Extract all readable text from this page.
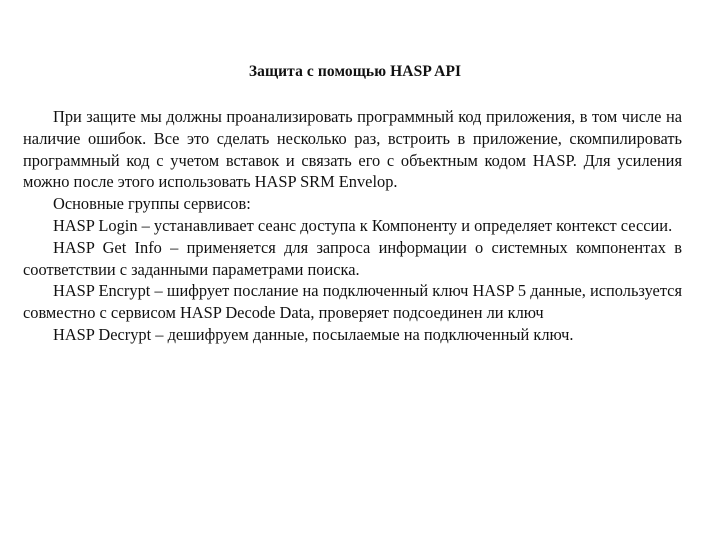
Защита с помощью HASP API

При защите мы должны проанализировать программный код приложения, в том числе на наличие ошибок. Все это сделать несколько раз, встроить в приложение, скомпилировать программный код с учетом вставок и связать его с объектным кодом HASP. Для усиления можно после этого использовать HASP SRM Envelop.

Основные группы сервисов:

HASP Login – устанавливает сеанс доступа к Компоненту и определяет контекст сессии.

HASP Get Info – применяется для запроса информации о системных компонентах в соответствии с заданными параметрами поиска.

HASP Encrypt – шифрует послание на подключенный ключ HASP 5 данные, используется совместно с сервисом HASP Decode Data, проверяет подсоединен ли ключ

HASP Decrypt – дешифруем данные, посылаемые на подключенный ключ.
